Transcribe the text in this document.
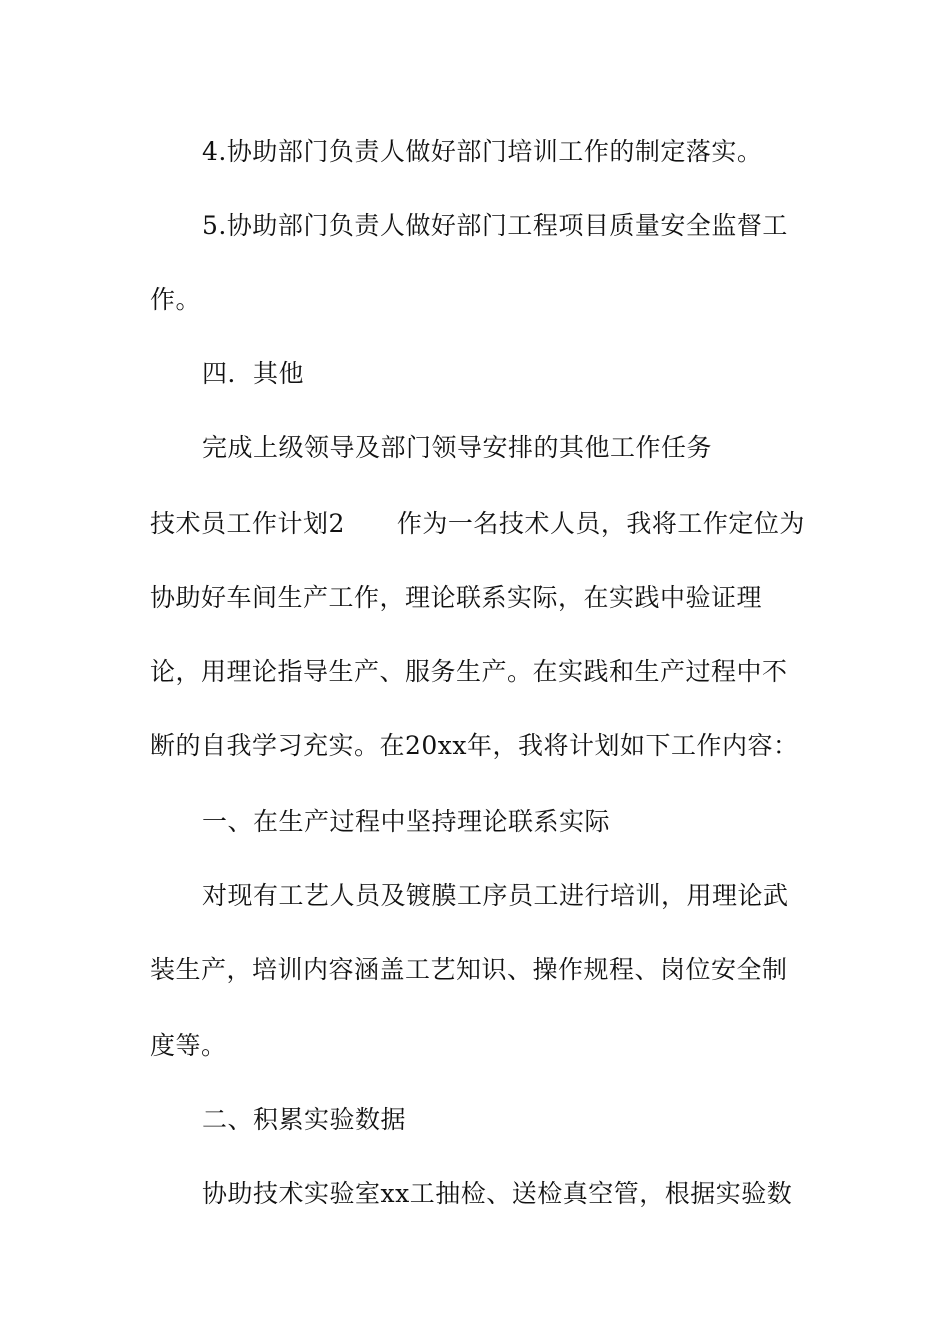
4.协助部门负责人做好部门培训工作的制定落实。
5.协助部门负责人做好部门工程项目质量安全监督工
作。
四．其他
完成上级领导及部门领导安排的其他工作任务
技术员工作计划2 作为一名技术人员，我将工作定位为
协助好车间生产工作，理论联系实际，在实践中验证理
论，用理论指导生产、服务生产。在实践和生产过程中不
断的自我学习充实。在20xx年，我将计划如下工作内容：
一、在生产过程中坚持理论联系实际
对现有工艺人员及镀膜工序员工进行培训，用理论武
装生产，培训内容涵盖工艺知识、操作规程、岗位安全制
度等。
二、积累实验数据
协助技术实验室xx工抽检、送检真空管，根据实验数
